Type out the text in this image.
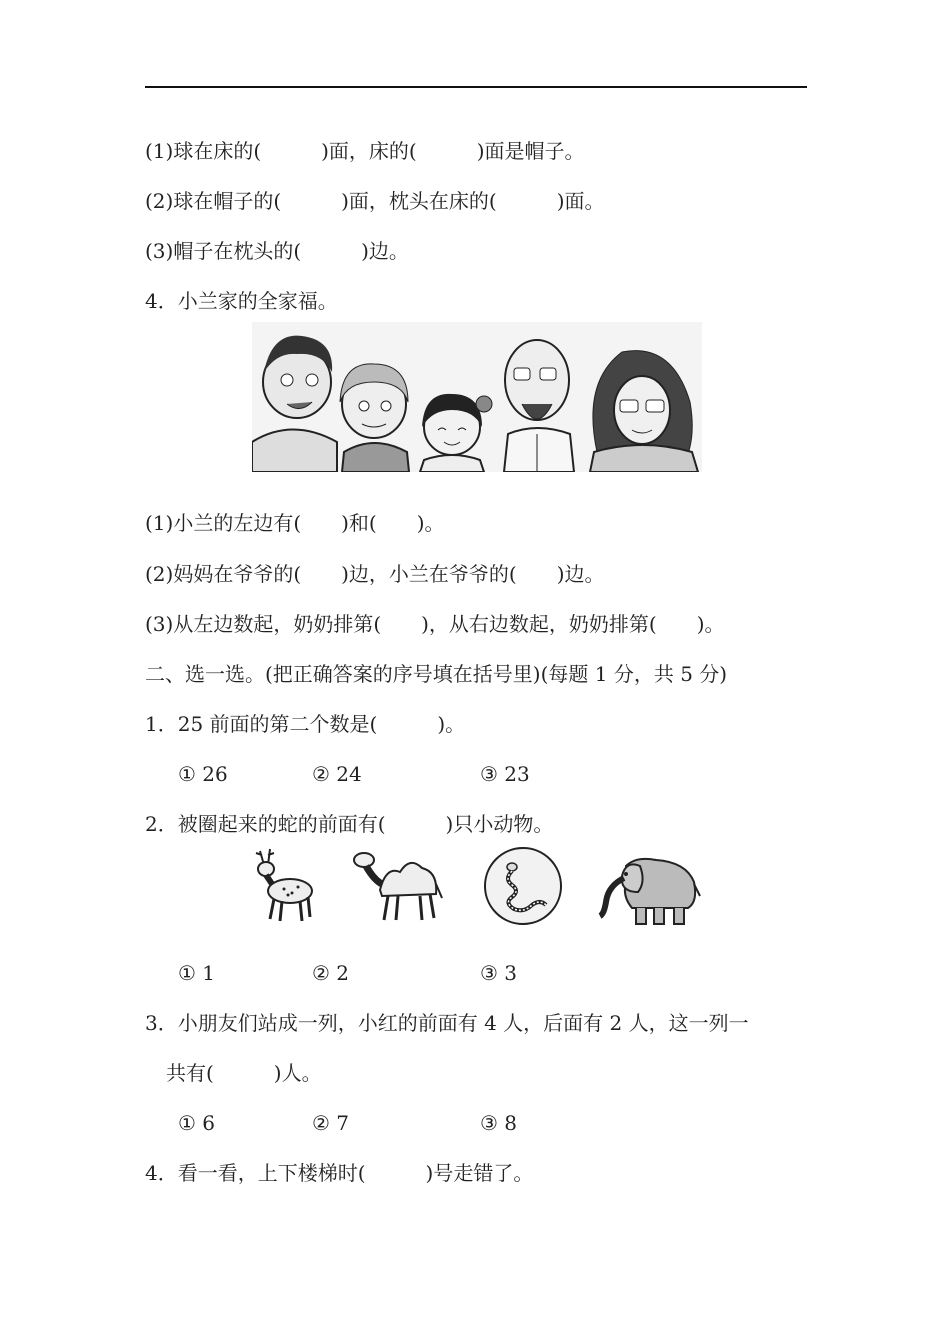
(1)球在床的(　　　)面，床的(　　　)面是帽子。
(2)球在帽子的(　　　)面，枕头在床的(　　　)面。
(3)帽子在枕头的(　　　)边。
4．小兰家的全家福。
(1)小兰的左边有(　　)和(　　)。
(2)妈妈在爷爷的(　　)边，小兰在爷爷的(　　)边。
(3)从左边数起，奶奶排第(　　)，从右边数起，奶奶排第(　　)。
二、选一选。(把正确答案的序号填在括号里)(每题 1 分，共 5 分)
1．25 前面的第二个数是(　　　)。
① 26	② 24	③ 23
2．被圈起来的蛇的前面有(　　　)只小动物。
① 1	② 2	③ 3
3．小朋友们站成一列，小红的前面有 4 人，后面有 2 人，这一列一
共有(　　　)人。
① 6	② 7	③ 8
4．看一看，上下楼梯时(　　　)号走错了。
